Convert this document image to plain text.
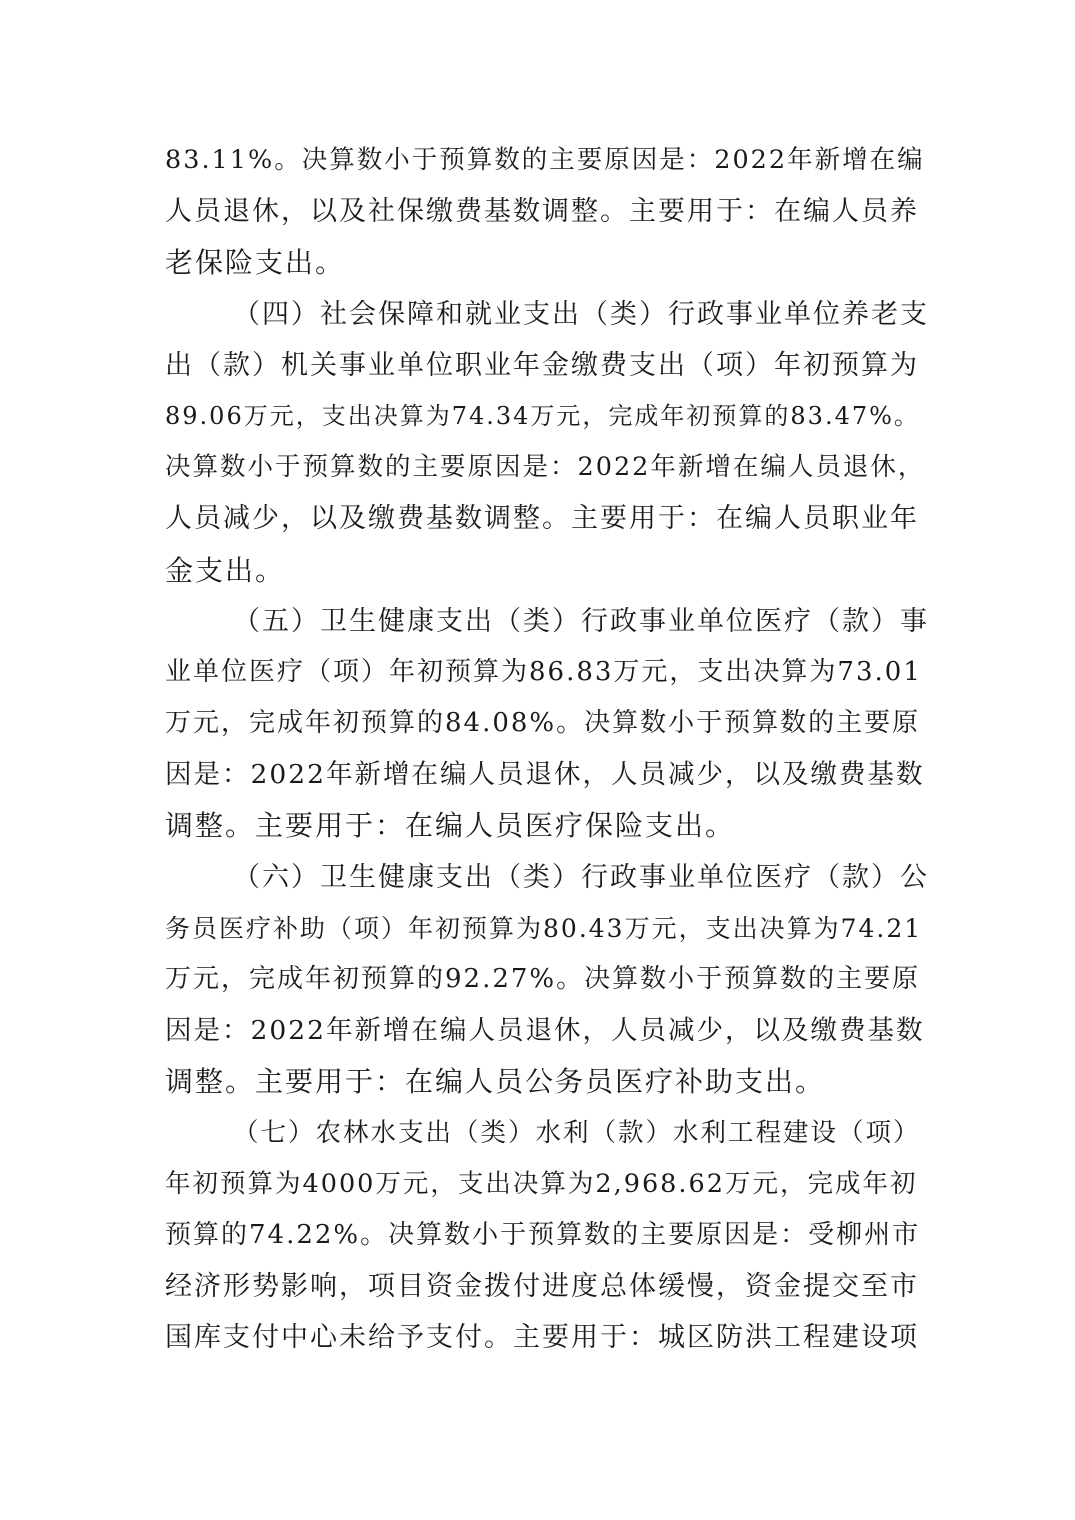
83.11%。决算数小于预算数的主要原因是：2022年新增在编
人员退休，以及社保缴费基数调整。主要用于：在编人员养
老保险支出。
（四）社会保障和就业支出（类）行政事业单位养老支
出（款）机关事业单位职业年金缴费支出（项）年初预算为
89.06万元，支出决算为74.34万元，完成年初预算的83.47%。
决算数小于预算数的主要原因是：2022年新增在编人员退休，
人员减少，以及缴费基数调整。主要用于：在编人员职业年
金支出。
（五）卫生健康支出（类）行政事业单位医疗（款）事
业单位医疗（项）年初预算为86.83万元，支出决算为73.01
万元，完成年初预算的84.08%。决算数小于预算数的主要原
因是：2022年新增在编人员退休，人员减少，以及缴费基数
调整。主要用于：在编人员医疗保险支出。
（六）卫生健康支出（类）行政事业单位医疗（款）公
务员医疗补助（项）年初预算为80.43万元，支出决算为74.21
万元，完成年初预算的92.27%。决算数小于预算数的主要原
因是：2022年新增在编人员退休，人员减少，以及缴费基数
调整。主要用于：在编人员公务员医疗补助支出。
（七）农林水支出（类）水利（款）水利工程建设（项）
年初预算为4000万元，支出决算为2,968.62万元，完成年初
预算的74.22%。决算数小于预算数的主要原因是：受柳州市
经济形势影响，项目资金拨付进度总体缓慢，资金提交至市
国库支付中心未给予支付。主要用于：城区防洪工程建设项
